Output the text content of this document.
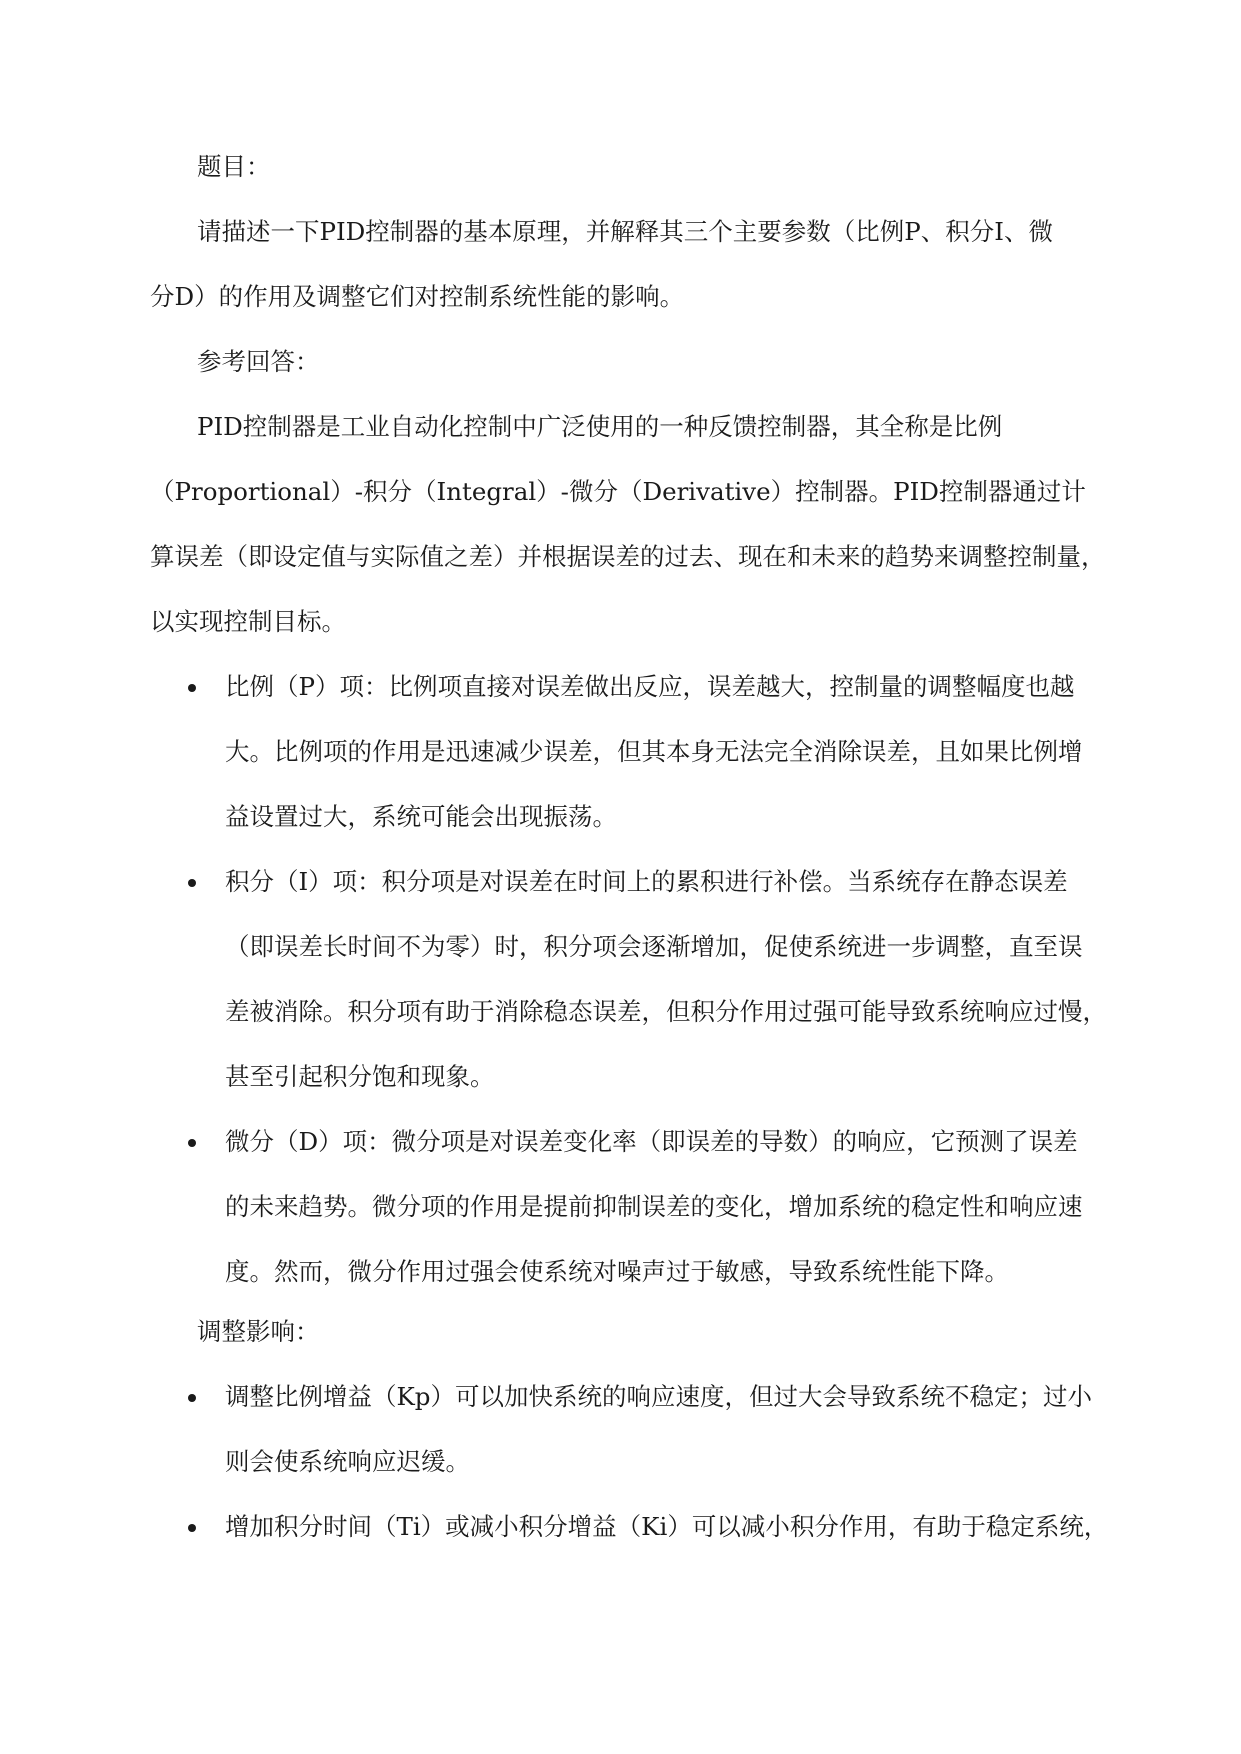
题目：
请描述一下PID控制器的基本原理，并解释其三个主要参数（比例P、积分I、微
分D）的作用及调整它们对控制系统性能的影响。
参考回答：
PID控制器是工业自动化控制中广泛使用的一种反馈控制器，其全称是比例
（Proportional）-积分（Integral）-微分（Derivative）控制器。PID控制器通过计
算误差（即设定值与实际值之差）并根据误差的过去、现在和未来的趋势来调整控制量，
以实现控制目标。
比例（P）项：比例项直接对误差做出反应，误差越大，控制量的调整幅度也越
大。比例项的作用是迅速减少误差，但其本身无法完全消除误差，且如果比例增
益设置过大，系统可能会出现振荡。
积分（I）项：积分项是对误差在时间上的累积进行补偿。当系统存在静态误差
（即误差长时间不为零）时，积分项会逐渐增加，促使系统进一步调整，直至误
差被消除。积分项有助于消除稳态误差，但积分作用过强可能导致系统响应过慢，
甚至引起积分饱和现象。
微分（D）项：微分项是对误差变化率（即误差的导数）的响应，它预测了误差
的未来趋势。微分项的作用是提前抑制误差的变化，增加系统的稳定性和响应速
度。然而，微分作用过强会使系统对噪声过于敏感，导致系统性能下降。
调整影响：
调整比例增益（Kp）可以加快系统的响应速度，但过大会导致系统不稳定；过小
则会使系统响应迟缓。
增加积分时间（Ti）或减小积分增益（Ki）可以减小积分作用，有助于稳定系统，
